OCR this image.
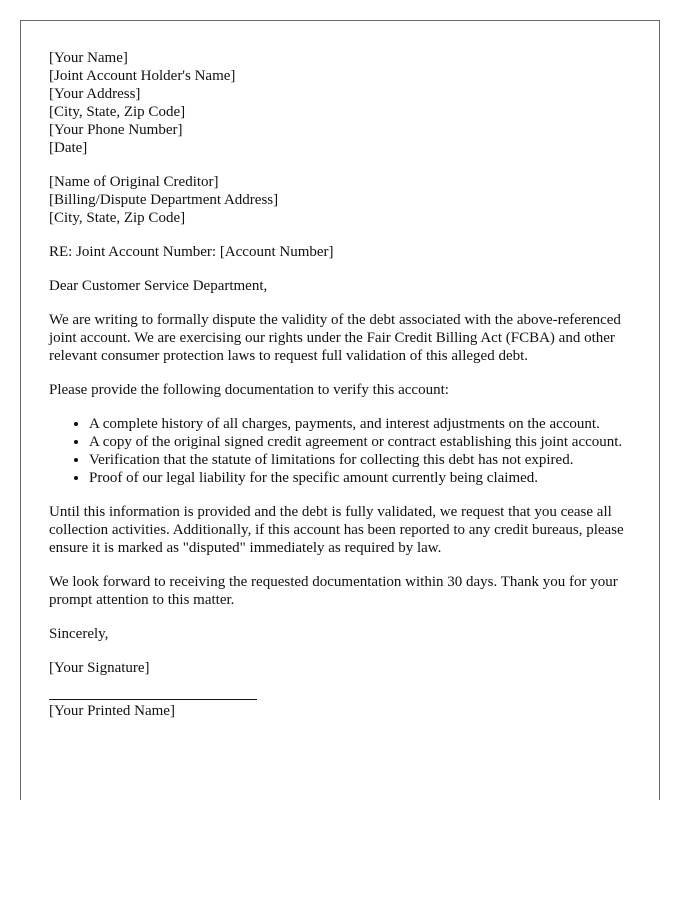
[Your Name]
[Joint Account Holder's Name]
[Your Address]
[City, State, Zip Code]
[Your Phone Number]
[Date]
[Name of Original Creditor]
[Billing/Dispute Department Address]
[City, State, Zip Code]

RE: Joint Account Number: [Account Number]

Dear Customer Service Department,

We are writing to formally dispute the validity of the debt associated with the above-referenced joint account. We are exercising our rights under the Fair Credit Billing Act (FCBA) and other relevant consumer protection laws to request full validation of this alleged debt.

Please provide the following documentation to verify this account:

• A complete history of all charges, payments, and interest adjustments on the account.
• A copy of the original signed credit agreement or contract establishing this joint account.
• Verification that the statute of limitations for collecting this debt has not expired.
• Proof of our legal liability for the specific amount currently being claimed.

Until this information is provided and the debt is fully validated, we request that you cease all collection activities. Additionally, if this account has been reported to any credit bureaus, please ensure it is marked as "disputed" immediately as required by law.

We look forward to receiving the requested documentation within 30 days. Thank you for your prompt attention to this matter.

Sincerely,

[Your Signature]
[Your Printed Name]
